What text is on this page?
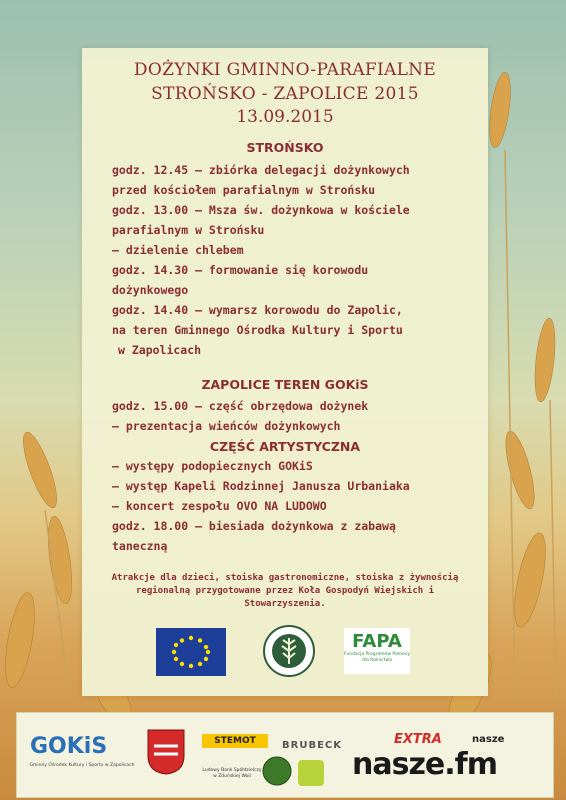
DOŻYNKI GMINNO-PARAFIALNE
STROŃSKO - ZAPOLICE 2015
13.09.2015
STROŃSKO
godz. 12.45 – zbiórka delegacji dożynkowych
przed kościołem parafialnym w Strońsku
godz. 13.00 – Msza św. dożynkowa w kościele
parafialnym w Strońsku
– dzielenie chlebem
godz. 14.30 – formowanie się korowodu
dożynkowego
godz. 14.40 – wymarsz korowodu do Zapolic,
na teren Gminnego Ośrodka Kultury i Sportu
w Zapolicach
ZAPOLICE TEREN GOKiS
godz. 15.00 – część obrzędowa dożynek
– prezentacja wieńców dożynkowych
CZĘŚĆ ARTYSTYCZNA
– występy podopiecznych GOKiS
– występ Kapeli Rodzinnej Janusza Urbaniaka
– koncert zespołu OVO NA LUDOWO
godz. 18.00 – biesiada dożynkowa z zabawą
taneczną
Atrakcje dla dzieci, stoiska gastronomiczne, stoiska z żywnością
regionalną przygotowane przez Koła Gospodyń Wiejskich i
Stowarzyszenia.
FAPA
Fundacja Programów Pomocy dla Rolnictwa
GOKiS
Gminny Ośrodek Kultury i Sportu w Zapolicach
STEMOT	BRUBECK
Ludowy Bank Spółdzielczy w Zduńskiej Woli
EXTRA	nasze
nasze.fm
